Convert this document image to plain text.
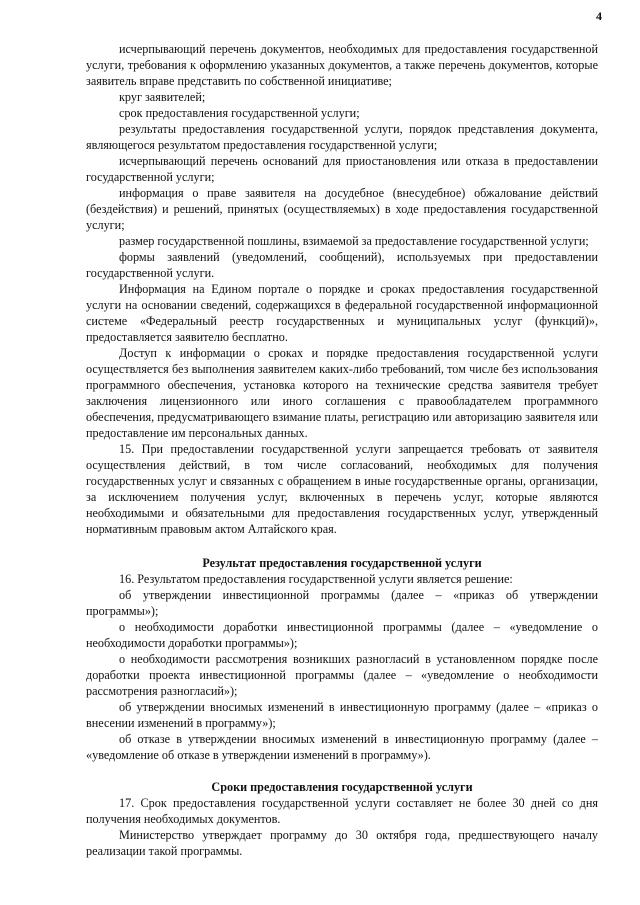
4

исчерпывающий перечень документов, необходимых для предоставления государственной услуги, требования к оформлению указанных документов, а также перечень документов, которые заявитель вправе представить по собственной инициативе;

круг заявителей;

срок предоставления государственной услуги;

результаты предоставления государственной услуги, порядок представления документа, являющегося результатом предоставления государственной услуги;

исчерпывающий перечень оснований для приостановления или отказа в предоставлении государственной услуги;

информация о праве заявителя на досудебное (внесудебное) обжалование действий (бездействия) и решений, принятых (осуществляемых) в ходе предоставления государственной услуги;

размер государственной пошлины, взимаемой за предоставление государственной услуги;

формы заявлений (уведомлений, сообщений), используемых при предоставлении государственной услуги.

Информация на Едином портале о порядке и сроках предоставления государственной услуги на основании сведений, содержащихся в федеральной государственной информационной системе «Федеральный реестр государственных и муниципальных услуг (функций)», предоставляется заявителю бесплатно.

Доступ к информации о сроках и порядке предоставления государственной услуги осуществляется без выполнения заявителем каких-либо требований, том числе без использования программного обеспечения, установка которого на технические средства заявителя требует заключения лицензионного или иного соглашения с правообладателем программного обеспечения, предусматривающего взимание платы, регистрацию или авторизацию заявителя или предоставление им персональных данных.

15. При предоставлении государственной услуги запрещается требовать от заявителя осуществления действий, в том числе согласований, необходимых для получения государственных услуг и связанных с обращением в иные государственные органы, организации, за исключением получения услуг, включенных в перечень услуг, которые являются необходимыми и обязательными для предоставления государственных услуг, утвержденный нормативным правовым актом Алтайского края.

Результат предоставления государственной услуги

16. Результатом предоставления государственной услуги является решение:

об утверждении инвестиционной программы (далее – «приказ об утверждении программы»);

о необходимости доработки инвестиционной программы (далее – «уведомление о необходимости доработки программы»);

о необходимости рассмотрения возникших разногласий в установленном порядке после доработки проекта инвестиционной программы (далее – «уведомление о необходимости рассмотрения разногласий»);

об утверждении вносимых изменений в инвестиционную программу (далее – «приказ о внесении изменений в программу»);

об отказе в утверждении вносимых изменений в инвестиционную программу (далее – «уведомление об отказе в утверждении изменений в программу»).

Сроки предоставления государственной услуги

17. Срок предоставления государственной услуги составляет не более 30 дней со дня получения необходимых документов.

Министерство утверждает программу до 30 октября года, предшествующего началу реализации такой программы.
